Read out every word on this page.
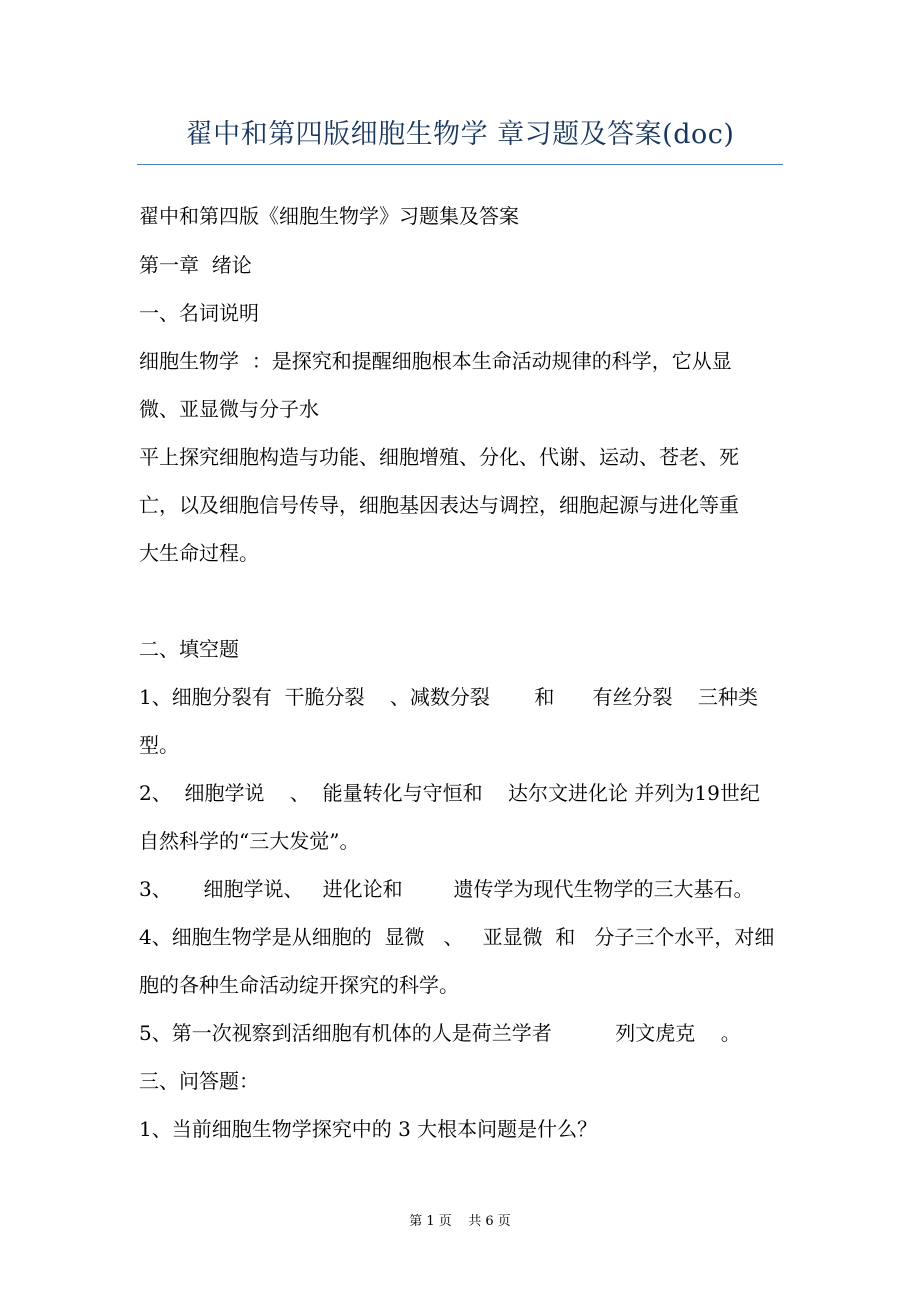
翟中和第四版细胞生物学 章习题及答案(doc)
翟中和第四版《细胞生物学》习题集及答案
第一章  绪论
一、名词说明
细胞生物学  ：是探究和提醒细胞根本生命活动规律的科学，它从显
微、亚显微与分子水
平上探究细胞构造与功能、细胞增殖、分化、代谢、运动、苍老、死
亡，以及细胞信号传导，细胞基因表达与调控，细胞起源与进化等重
大生命过程。
二、填空题
1、细胞分裂有  干脆分裂    、减数分裂       和      有丝分裂    三种类
型。
2、  细胞学说    、  能量转化与守恒和    达尔文进化论 并列为19世纪
自然科学的“三大发觉”。
3、     细胞学说、   进化论和        遗传学为现代生物学的三大基石。
4、细胞生物学是从细胞的  显微   、   亚显微  和   分子三个水平，对细
胞的各种生命活动绽开探究的科学。
5、第一次视察到活细胞有机体的人是荷兰学者          列文虎克    。
三、问答题：
1、当前细胞生物学探究中的 3 大根本问题是什么？
第 1 页    共 6 页
